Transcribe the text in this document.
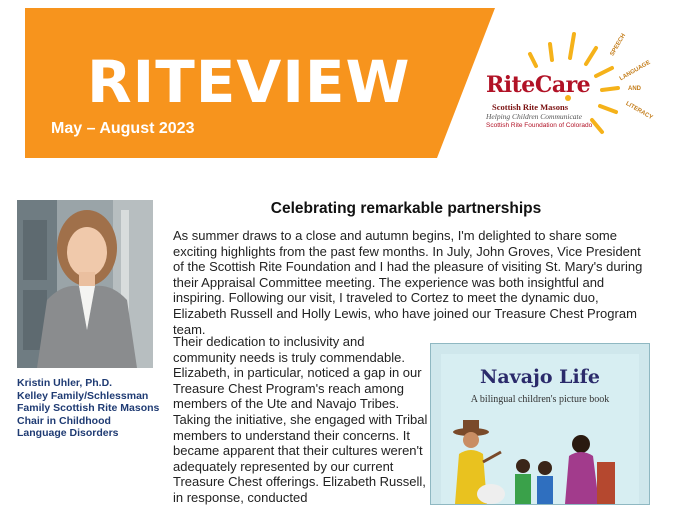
RITEVIEW
May – August 2023
SPEECH
LANGUAGE
AND
LITERACY
RiteCare
Scottish Rite Masons
Helping Children Communicate
Scottish Rite Foundation of Colorado
Kristin Uhler, Ph.D.
Kelley Family/Schlessman
Family Scottish Rite Masons
Chair in Childhood
Language Disorders
Celebrating remarkable partnerships
As summer draws to a close and autumn begins, I'm delighted to share some exciting highlights from the past few months. In July, John Groves, Vice President of the Scottish Rite Foundation and I had the pleasure of visiting St. Mary's during their Appraisal Committee meeting. The experience was both insightful and inspiring. Following our visit, I traveled to Cortez to meet the dynamic duo, Elizabeth Russell and Holly Lewis, who have joined our Treasure Chest Program team.
Their dedication to inclusivity and community needs is truly commendable. Elizabeth, in particular, noticed a gap in our Treasure Chest Program's reach among members of the Ute and Navajo Tribes. Taking the initiative, she engaged with Tribal members to understand their concerns. It became apparent that their cultures weren't adequately represented by our current Treasure Chest offerings. Elizabeth Russell, in response, conducted
Navajo Life
A bilingual children's picture book
